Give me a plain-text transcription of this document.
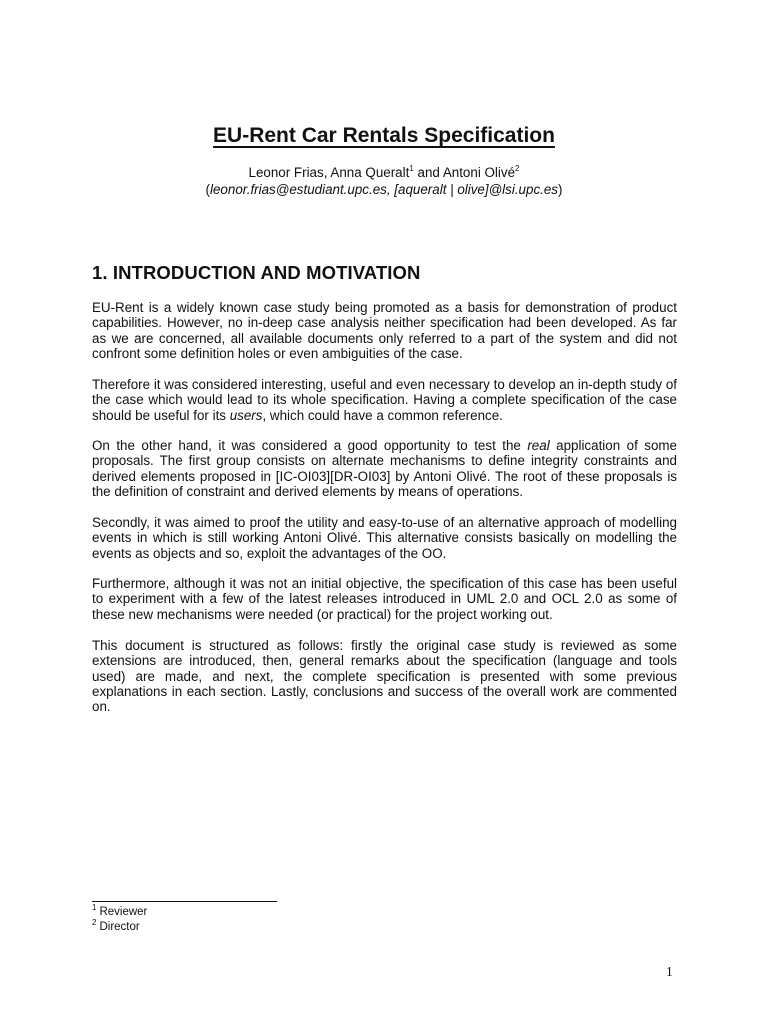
EU-Rent Car Rentals Specification
Leonor Frias, Anna Queralt$^1$ and Antoni Olivé$^2$
(leonor.frias@estudiant.upc.es, [aqueralt | olive]@lsi.upc.es)
1. INTRODUCTION AND MOTIVATION

EU-Rent is a widely known case study being promoted as a basis for demonstration of product capabilities. However, no in-deep case analysis neither specification had been developed. As far as we are concerned, all available documents only referred to a part of the system and did not confront some definition holes or even ambiguities of the case.

Therefore it was considered interesting, useful and even necessary to develop an in-depth study of the case which would lead to its whole specification. Having a complete specification of the case should be useful for its users, which could have a common reference.

On the other hand, it was considered a good opportunity to test the real application of some proposals. The first group consists on alternate mechanisms to define integrity constraints and derived elements proposed in [IC-OI03][DR-OI03] by Antoni Olivé. The root of these proposals is the definition of constraint and derived elements by means of operations.

Secondly, it was aimed to proof the utility and easy-to-use of an alternative approach of modelling events in which is still working Antoni Olivé. This alternative consists basically on modelling the events as objects and so, exploit the advantages of the OO.

Furthermore, although it was not an initial objective, the specification of this case has been useful to experiment with a few of the latest releases introduced in UML 2.0 and OCL 2.0 as some of these new mechanisms were needed (or practical) for the project working out.

This document is structured as follows: firstly the original case study is reviewed as some extensions are introduced, then, general remarks about the specification (language and tools used) are made, and next, the complete specification is presented with some previous explanations in each section. Lastly, conclusions and success of the overall work are commented on.

$^1$ Reviewer
$^2$ Director
1
